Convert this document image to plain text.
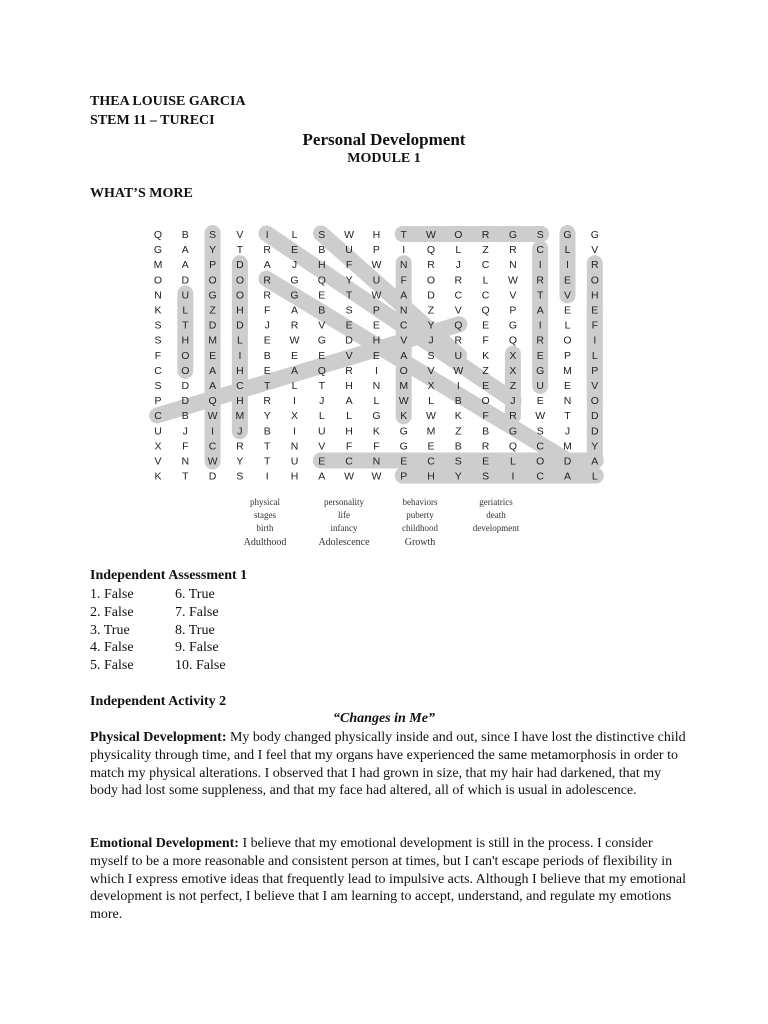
THEA LOUISE GARCIA
STEM 11 – TURECI
Personal Development
MODULE 1
WHAT’S MORE
Q B S V I L S W H T W O R G S G G
G A Y T R E B U P I Q L Z R C L V
M A P D A J H F W N R J C N I I R
O D O O R G Q Y U F O R L W R E O
N U G O R G E T W A D C C V T V H
K L Z H F A B S P N Z V Q P A E E
S T D D J R V E E C Y Q E G I L F
S H M L E W G D H V J R F Q R O I
F O E I B E E V E A S U K X E P L
C O A H E A Q R I O V W Z X G M P
S D A C T L T H N M X I E Z U E V
P D Q H R I J A L W L B O J E N O
C B W M Y X L L G K W K F R W T D
U J I J B I U H K G M Z B G S J D
X F C R T N V F F G E B R Q C M Y
V N W Y T U E C N E C S E L O D A
K T D S I H A W W P H Y S I C A L
physical	personality	behaviors	geriatrics
stages	life	puberty	death
birth	infancy	childhood	development
Adulthood	Adolescence	Growth
Independent Assessment 1
1. False
2. False
3. True
4. False
5. False
6. True
7. False
8. True
9. False
10. False
Independent Activity 2
“Changes in Me”
Physical Development: My body changed physically inside and out, since I have lost the distinctive child physicality through time, and I feel that my organs have experienced the same metamorphosis in order to match my physical alterations. I observed that I had grown in size, that my hair had darkened, that my body had lost some suppleness, and that my face had altered, all of which is usual in adolescence.
Emotional Development: I believe that my emotional development is still in the process. I consider myself to be a more reasonable and consistent person at times, but I can't escape periods of flexibility in which I express emotive ideas that frequently lead to impulsive acts. Although I believe that my emotional development is not perfect, I believe that I am learning to accept, understand, and regulate my emotions more.
